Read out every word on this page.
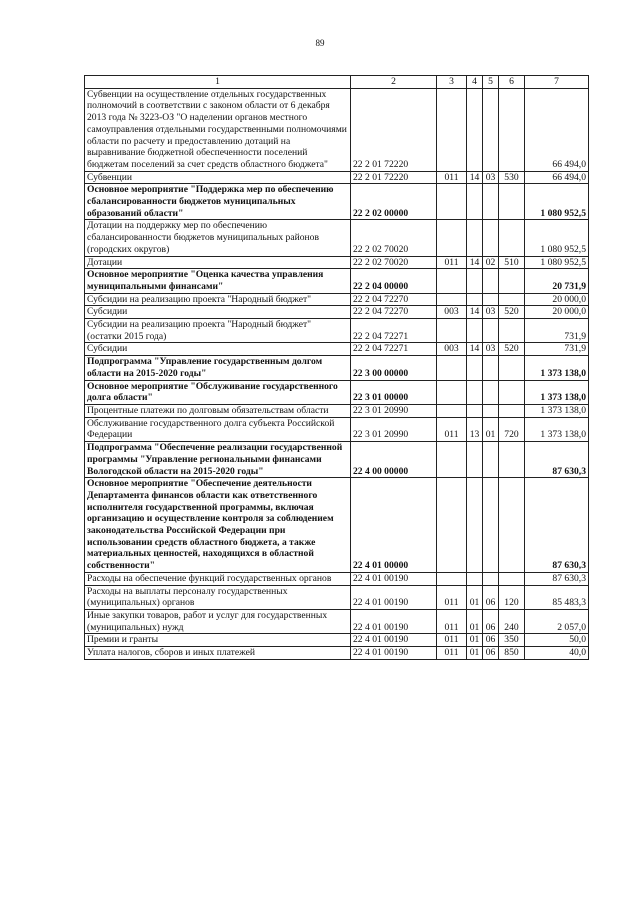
89
1	2	3	4	5	6	7
Субвенции на осуществление отдельных государственных полномочий в соответствии с законом области от 6 декабря 2013 года № 3223-ОЗ "О наделении органов местного самоуправления отдельными государственными полномочиями области по расчету и предоставлению дотаций на выравнивание бюджетной обеспеченности поселений бюджетам поселений за счет средств областного бюджета"	22 2 01 72220					66 494,0
Субвенции	22 2 01 72220	011	14	03	530	66 494,0
Основное мероприятие "Поддержка мер по обеспечению сбалансированности бюджетов муниципальных образований области"	22 2 02 00000					1 080 952,5
Дотации на поддержку мер по обеспечению сбалансированности бюджетов муниципальных районов (городских округов)	22 2 02 70020					1 080 952,5
Дотации	22 2 02 70020	011	14	02	510	1 080 952,5
Основное мероприятие "Оценка качества управления муниципальными финансами"	22 2 04 00000					20 731,9
Субсидии на реализацию проекта "Народный бюджет"	22 2 04 72270					20 000,0
Субсидии	22 2 04 72270	003	14	03	520	20 000,0
Субсидии на реализацию проекта "Народный бюджет" (остатки 2015 года)	22 2 04 72271					731,9
Субсидии	22 2 04 72271	003	14	03	520	731,9
Подпрограмма "Управление государственным долгом области на 2015-2020 годы"	22 3 00 00000					1 373 138,0
Основное мероприятие "Обслуживание государственного долга области"	22 3 01 00000					1 373 138,0
Процентные платежи по долговым обязательствам области	22 3 01 20990					1 373 138,0
Обслуживание государственного долга субъекта Российской Федерации	22 3 01 20990	011	13	01	720	1 373 138,0
Подпрограмма "Обеспечение реализации государственной программы "Управление региональными финансами Вологодской области на 2015-2020 годы"	22 4 00 00000					87 630,3
Основное мероприятие "Обеспечение деятельности Департамента финансов области как ответственного исполнителя государственной программы, включая организацию и осуществление контроля за соблюдением законодательства Российской Федерации при использовании средств областного бюджета, а также материальных ценностей, находящихся в областной собственности"	22 4 01 00000					87 630,3
Расходы на обеспечение функций государственных органов	22 4 01 00190					87 630,3
Расходы на выплаты персоналу государственных (муниципальных) органов	22 4 01 00190	011	01	06	120	85 483,3
Иные закупки товаров, работ и услуг для государственных (муниципальных) нужд	22 4 01 00190	011	01	06	240	2 057,0
Премии и гранты	22 4 01 00190	011	01	06	350	50,0
Уплата налогов, сборов и иных платежей	22 4 01 00190	011	01	06	850	40,0
